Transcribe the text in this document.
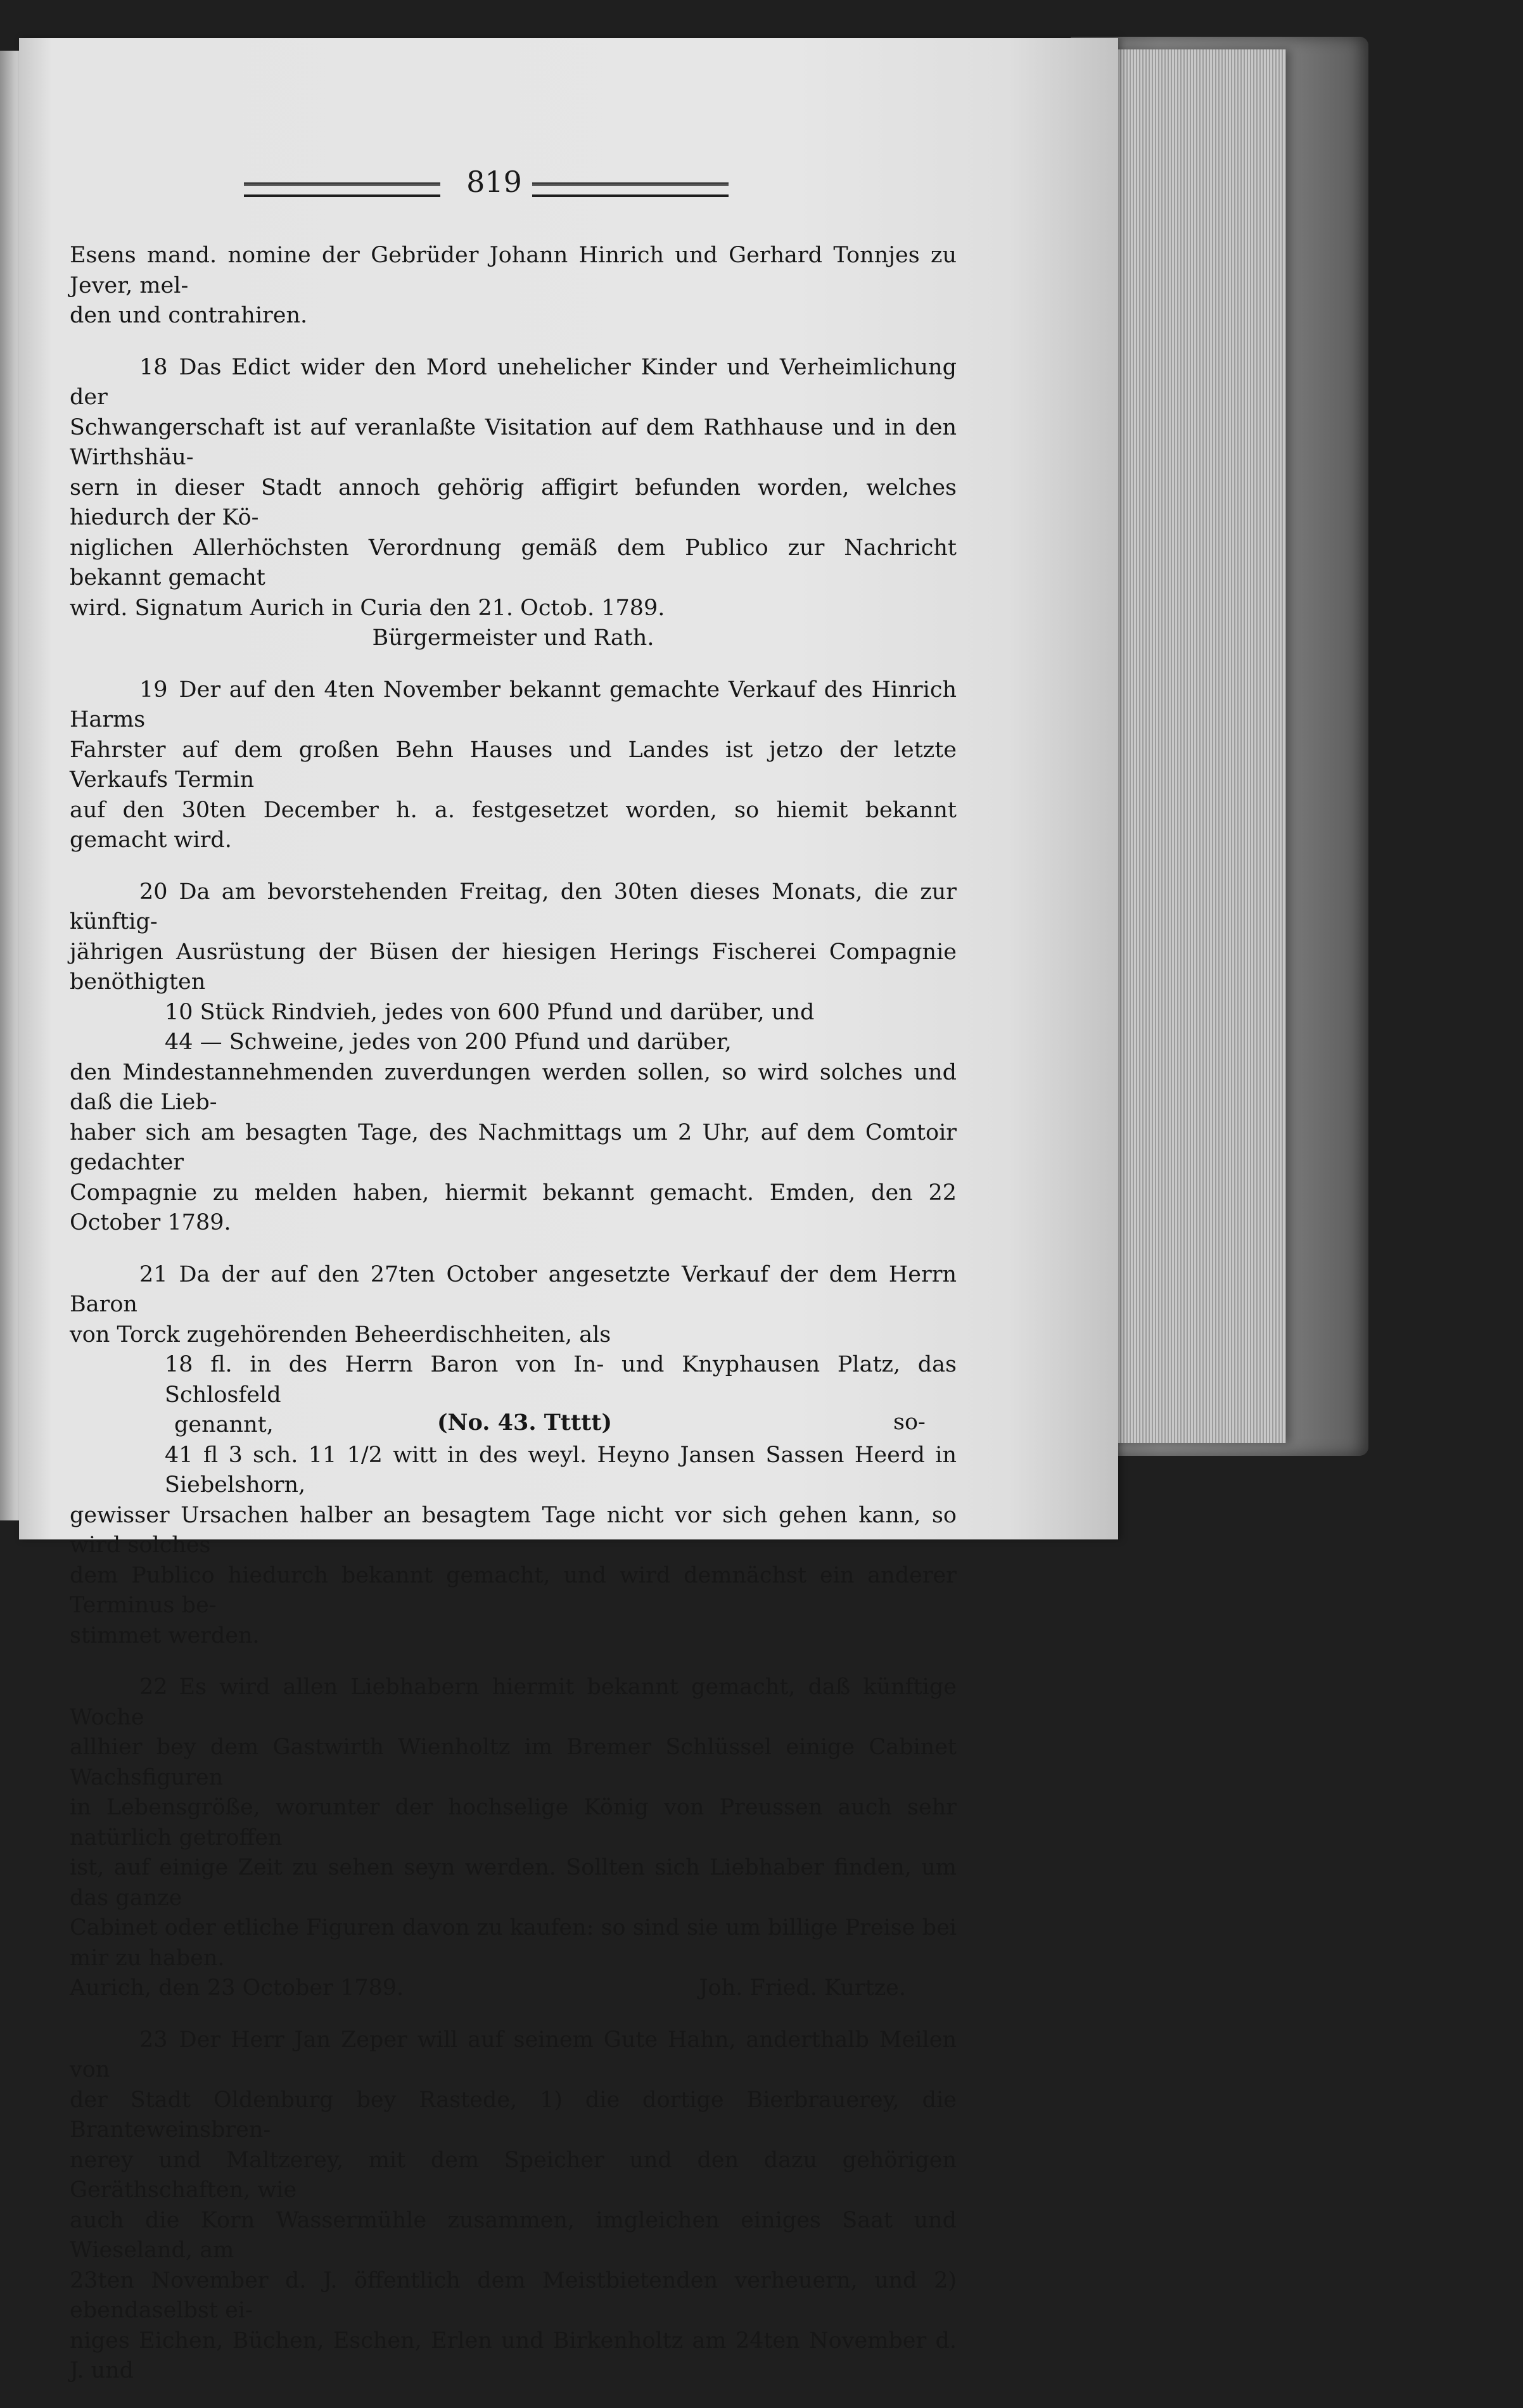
819
Esens mand. nomine der Gebrüder Johann Hinrich und Gerhard Tonnjes zu Jever, mel-
den und contrahiren.
18 Das Edict wider den Mord unehelicher Kinder und Verheimlichung der
Schwangerschaft ist auf veranlaßte Visitation auf dem Rathhause und in den Wirthshäu-
sern in dieser Stadt annoch gehörig affigirt befunden worden, welches hiedurch der Kö-
niglichen Allerhöchsten Verordnung gemäß dem Publico zur Nachricht bekannt gemacht
wird. Signatum Aurich in Curia den 21. Octob. 1789.
Bürgermeister und Rath.
19 Der auf den 4ten November bekannt gemachte Verkauf des Hinrich Harms
Fahrster auf dem großen Behn Hauses und Landes ist jetzo der letzte Verkaufs Termin
auf den 30ten December h. a. festgesetzet worden, so hiemit bekannt gemacht wird.
20 Da am bevorstehenden Freitag, den 30ten dieses Monats, die zur künftig-
jährigen Ausrüstung der Büsen der hiesigen Herings Fischerei Compagnie benöthigten
10 Stück Rindvieh, jedes von 600 Pfund und darüber, und
44 — Schweine, jedes von 200 Pfund und darüber,
den Mindestannehmenden zuverdungen werden sollen, so wird solches und daß die Lieb-
haber sich am besagten Tage, des Nachmittags um 2 Uhr, auf dem Comtoir gedachter
Compagnie zu melden haben, hiermit bekannt gemacht. Emden, den 22 October 1789.
21 Da der auf den 27ten October angesetzte Verkauf der dem Herrn Baron
von Torck zugehörenden Beheerdischheiten, als
18 fl. in des Herrn Baron von In- und Knyphausen Platz, das Schlosfeld
genannt,
41 fl 3 sch. 11 1/2 witt in des weyl. Heyno Jansen Sassen Heerd in Siebelshorn,
gewisser Ursachen halber an besagtem Tage nicht vor sich gehen kann, so wird solches
dem Publico hiedurch bekannt gemacht, und wird demnächst ein anderer Terminus be-
stimmet werden.
22 Es wird allen Liebhabern hiermit bekannt gemacht, daß künftige Woche
allhier bey dem Gastwirth Wienholtz im Bremer Schlüssel einige Cabinet Wachsfiguren
in Lebensgröße, worunter der hochselige König von Preussen auch sehr natürlich getroffen
ist, auf einige Zeit zu sehen seyn werden. Sollten sich Liebhaber finden, um das ganze
Cabinet oder etliche Figuren davon zu kaufen: so sind sie um billige Preise bei mir zu haben.
Aurich, den 23 October 1789.	Joh. Fried. Kurtze.
23 Der Herr Jan Zeper will auf seinem Gute Hahn, anderthalb Meilen von
der Stadt Oldenburg bey Rastede, 1) die dortige Bierbrauerey, die Branteweinsbren-
nerey und Maltzerey, mit dem Speicher und den dazu gehörigen Geräthschaften, wie
auch die Korn Wassermühle zusammen, imgleichen einiges Saat und Wieseland, am
23ten November d. J. öffentlich dem Meistbietenden verheuern, und 2) ebendaselbst ei-
niges Eichen, Büchen, Eschen, Erlen und Birkenholtz am 24ten November d. J. und
(No. 43. Ttttt)	so-
